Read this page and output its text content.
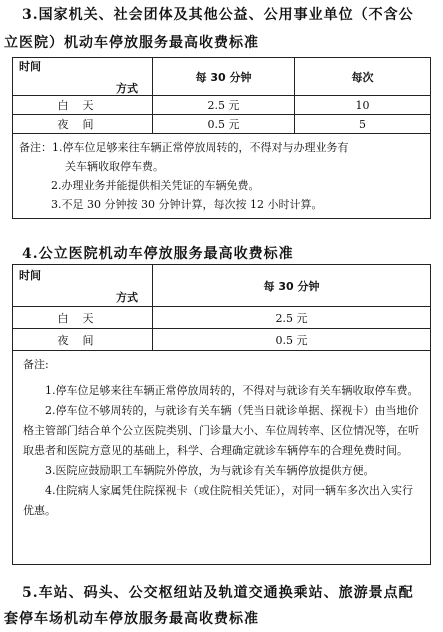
3.国家机关、社会团体及其他公益、公用事业单位（不含公
立医院）机动车停放服务最高收费标准
方式
时间	每 30 分钟	每次
白天	2.5 元	10
夜间	0.5 元	5

备注：1.停车位足够来往车辆正常停放周转的，不得对与办理业务有

关车辆收取停车费。

2.办理业务并能提供相关凭证的车辆免费。

3.不足 30 分钟按 30 分钟计算，每次按 12 小时计算。		

4.公立医院机动车停放服务最高收费标准
方式
时间	每 30 分钟
白天	2.5 元
夜间	0.5 元

备注:

1.停车位足够来往车辆正常停放周转的，不得对与就诊有关车辆收取停车费。

2.停车位不够周转的，与就诊有关车辆（凭当日就诊单据、探视卡）由当地价格主管部门结合单个公立医院类别、门诊量大小、车位周转率、区位情况等，在听取患者和医院方意见的基础上，科学、合理确定就诊车辆停车的合理免费时间。

3.医院应鼓励职工车辆院外停放，为与就诊有关车辆停放提供方便。

4.住院病人家属凭住院探视卡（或住院相关凭证），对同一辆车多次出入实行优惠。	

5.车站、码头、公交枢纽站及轨道交通换乘站、旅游景点配
套停车场机动车停放服务最高收费标准
